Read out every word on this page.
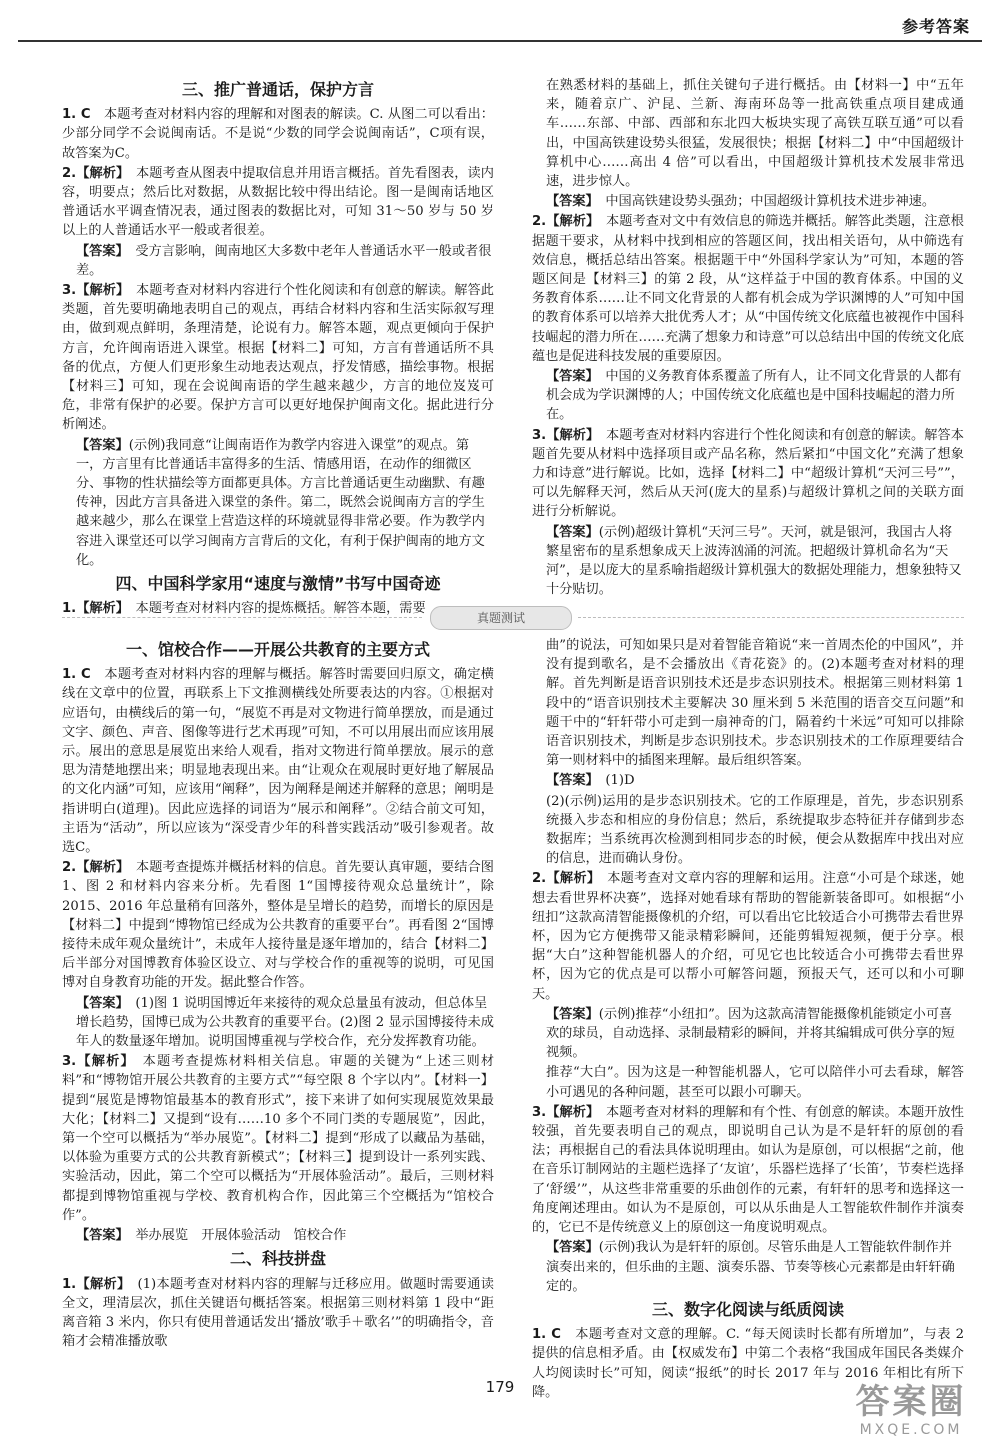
参考答案
三、推广普通话，保护方言

1. C　 本题考查对材料内容的理解和对图表的解读。C. 从图二可以看出：少部分同学不会说闽南话。不是说“少数的同学会说闽南话”，C项有误，故答案为C。

2.【解析】　 本题考查从图表中提取信息并用语言概括。首先看图表，读内容，明要点；然后比对数据，从数据比较中得出结论。图一是闽南话地区普通话水平调查情况表，通过图表的数据比对，可知 31～50 岁与 50 岁以上的人普通话水平一般或者很差。

【答案】　 受方言影响，闽南地区大多数中老年人普通话水平一般或者很差。

3.【解析】　 本题考查对材料内容进行个性化阅读和有创意的解读。解答此类题，首先要明确地表明自己的观点，再结合材料内容和生活实际叙写理由，做到观点鲜明，条理清楚，论说有力。解答本题，观点更倾向于保护方言，允许闽南语进入课堂。根据【材料二】可知，方言有普通话所不具备的优点，方便人们更形象生动地表达观点，抒发情感，描绘事物。根据【材料三】可知，现在会说闽南语的学生越来越少，方言的地位岌岌可危，非常有保护的必要。保护方言可以更好地保护闽南文化。据此进行分析阐述。

【答案】(示例)我同意“让闽南语作为教学内容进入课堂”的观点。第一，方言里有比普通话丰富得多的生活、情感用语，在动作的细微区分、事物的性状描绘等方面都更具体。方言比普通话更生动幽默、有趣传神，因此方言具备进入课堂的条件。第二，既然会说闽南方言的学生越来越少，那么在课堂上营造这样的环境就显得非常必要。作为教学内容进入课堂还可以学习闽南方言背后的文化，有利于保护闽南的地方文化。

四、中国科学家用“速度与激情”书写中国奇迹

1.【解析】　 本题考查对材料内容的提炼概括。解答本题，需要

在熟悉材料的基础上，抓住关键句子进行概括。由【材料一】中“五年来，随着京广、沪昆、兰新、海南环岛等一批高铁重点项目建成通车……东部、中部、西部和东北四大板块实现了高铁互联互通”可以看出，中国高铁建设势头很猛，发展很快；根据【材料二】中“中国超级计算机中心……高出 4 倍”可以看出，中国超级计算机技术发展非常迅速，进步惊人。

【答案】　 中国高铁建设势头强劲；中国超级计算机技术进步神速。

2.【解析】　 本题考查对文中有效信息的筛选并概括。解答此类题，注意根据题干要求，从材料中找到相应的答题区间，找出相关语句，从中筛选有效信息，概括总结出答案。根据题干中“外国科学家认为”可知，本题的答题区间是【材料三】的第 2 段，从“这样益于中国的教育体系。中国的义务教育体系……让不同文化背景的人都有机会成为学识渊博的人”可知中国的教育体系可以培养大批优秀人才；从“中国传统文化底蕴也被视作中国科技崛起的潜力所在……充满了想象力和诗意”可以总结出中国的传统文化底蕴也是促进科技发展的重要原因。

【答案】　 中国的义务教育体系覆盖了所有人，让不同文化背景的人都有机会成为学识渊博的人；中国传统文化底蕴也是中国科技崛起的潜力所在。

3.【解析】　 本题考查对材料内容进行个性化阅读和有创意的解读。解答本题首先要从材料中选择项目或产品名称，然后紧扣“中国文化”充满了想象力和诗意”进行解说。比如，选择【材料二】中“超级计算机“天河三号””，可以先解释天河，然后从天河(庞大的星系)与超级计算机之间的关联方面进行分析解说。

【答案】(示例)超级计算机“天河三号”。天河，就是银河，我国古人将繁星密布的星系想象成天上波涛汹涌的河流。把超级计算机命名为“天河”，是以庞大的星系喻指超级计算机强大的数据处理能力，想象独特又十分贴切。

真题测试
一、馆校合作——开展公共教育的主要方式

1. C　 本题考查对材料内容的理解与概括。解答时需要回归原文，确定横线在文章中的位置，再联系上下文推测横线处所要表达的内容。①根据对应语句，由横线后的第一句，“展览不再是对文物进行简单摆放，而是通过文字、颜色、声音、图像等进行艺术再现”可知，不可以用展出而应该用展示。展出的意思是展览出来给人观看，指对文物进行简单摆放。展示的意思为清楚地摆出来；明显地表现出来。由“让观众在观展时更好地了解展品的文化内涵”可知，应该用“阐释”，因为阐释是阐述并解释的意思；阐明是指讲明白(道理)。因此应选择的词语为“展示和阐释”。②结合前文可知，主语为“活动”，所以应该为“深受青少年的科普实践活动”吸引参观者。故选C。

2.【解析】　 本题考查提炼并概括材料的信息。首先要认真审题，要结合图 1、图 2 和材料内容来分析。先看图 1“国博接待观众总量统计”，除 2015、2016 年总量稍有回落外，整体是呈增长的趋势，而增长的原因是【材料二】中提到“博物馆已经成为公共教育的重要平台”。再看图 2“国博接待未成年观众量统计”，未成年人接待量是逐年增加的，结合【材料二】后半部分对国博教育体验区设立、对与学校合作的重视等的说明，可见国博对自身教育功能的开发。据此整合作答。

【答案】　 (1)图 1 说明国博近年来接待的观众总量虽有波动，但总体呈增长趋势，国博已成为公共教育的重要平台。(2)图 2 显示国博接待未成年人的数量逐年增加。说明国博重视与学校合作，充分发挥教育功能。

3.【解析】　 本题考查提炼材料相关信息。审题的关键为“上述三则材料”和“博物馆开展公共教育的主要方式”“每空限 8 个字以内”。【材料一】提到“展览是博物馆最基本的教育形式”，接下来讲了如何实现展览效果最大化；【材料二】又提到“设有……10 多个不同门类的专题展览”，因此，第一个空可以概括为“举办展览”。【材料二】提到“形成了以藏品为基础，以体验为重要方式的公共教育新模式”；【材料三】提到设计一系列实践、实验活动，因此，第二个空可以概括为“开展体验活动”。最后，三则材料都提到博物馆重视与学校、教育机构合作，因此第三个空概括为“馆校合作”。

【答案】　 举办展览　开展体验活动　馆校合作

二、科技拼盘

1.【解析】　 (1)本题考查对材料内容的理解与迁移应用。做题时需要通读全文，理清层次，抓住关键语句概括答案。根据第三则材料第 1 段中“距离音箱 3 米内，你只有使用普通话发出‘播放’歌手＋歌名’”的明确指令，音箱才会精准播放歌

曲”的说法，可知如果只是对着智能音箱说“来一首周杰伦的中国风”，并没有提到歌名，是不会播放出《青花瓷》的。(2)本题考查对材料的理解。首先判断是语音识别技术还是步态识别技术。根据第三则材料第 1 段中的“语音识别技术主要解决 30 厘米到 5 米范围的语音交互问题”和题干中的“轩轩带小可走到一扇神奇的门，隔着约十米远”可知可以排除语音识别技术，判断是步态识别技术。步态识别技术的工作原理要结合第一则材料中的插图来理解。最后组织答案。

【答案】　 (1)D

(2)(示例)运用的是步态识别技术。它的工作原理是，首先，步态识别系统摄入步态和相应的身份信息；然后，系统提取步态特征并存储到步态数据库；当系统再次检测到相同步态的时候，便会从数据库中找出对应的信息，进而确认身份。

2.【解析】　 本题考查对文章内容的理解和运用。注意“小可是个球迷，她想去看世界杯决赛”，选择对她看球有帮助的智能新装备即可。如根据“小纽扣”这款高清智能摄像机的介绍，可以看出它比较适合小可携带去看世界杯，因为它方便携带又能录精彩瞬间，还能剪辑短视频，便于分享。根据“大白”这种智能机器人的介绍，可见它也比较适合小可携带去看世界杯，因为它的优点是可以帮小可解答问题，预报天气，还可以和小可聊天。

【答案】(示例)推荐“小纽扣”。因为这款高清智能摄像机能锁定小可喜欢的球员，自动选择、录制最精彩的瞬间，并将其编辑成可供分享的短视频。

推荐“大白”。因为这是一种智能机器人，它可以陪伴小可去看球，解答小可遇见的各种问题，甚至可以跟小可聊天。

3.【解析】　 本题考查对材料的理解和有个性、有创意的解读。本题开放性较强，首先要表明自己的观点，即说明自己认为是不是轩轩的原创的看法；再根据自己的看法具体说明理由。如认为是原创，可以根据“之前，他在音乐订制网站的主题栏选择了‘友谊’，乐器栏选择了‘长笛’，节奏栏选择了‘舒缓’”，从这些非常重要的乐曲创作的元素，有轩轩的思考和选择这一角度阐述理由。如认为不是原创，可以从乐曲是人工智能软件制作并演奏的，它已不是传统意义上的原创这一角度说明观点。

【答案】(示例)我认为是轩轩的原创。尽管乐曲是人工智能软件制作并演奏出来的，但乐曲的主题、演奏乐器、节奏等核心元素都是由轩轩确定的。

三、数字化阅读与纸质阅读

1. C　 本题考查对文意的理解。C. “每天阅读时长都有所增加”，与表 2 提供的信息相矛盾。由【权威发布】中第二个表格“我国成年国民各类媒介人均阅读时长”可知，阅读“报纸”的时长 2017 年与 2016 年相比有所下降。

179	答案圈
MXQE.COM
